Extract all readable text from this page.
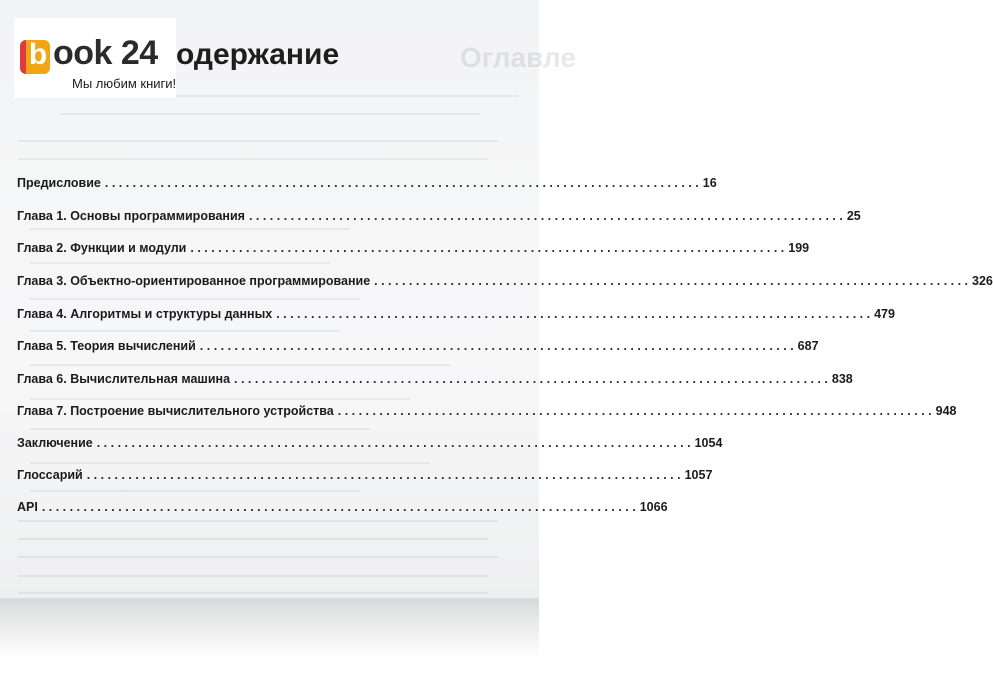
Оглавле
b ook 24
Мы любим книги!
одержание
Предисловие . . .	16
Глава 1. Основы программирования . . .	25
Глава 2. Функции и модули . . .	199
Глава 3. Объектно-ориентированное программирование . . .	326
Глава 4. Алгоритмы и структуры данных . . .	479
Глава 5. Теория вычислений . . .	687
Глава 6. Вычислительная машина . . .	838
Глава 7. Построение вычислительного устройства . . .	948
Заключение . . .	1054
Глоссарий . . .	1057
API . . .	1066
